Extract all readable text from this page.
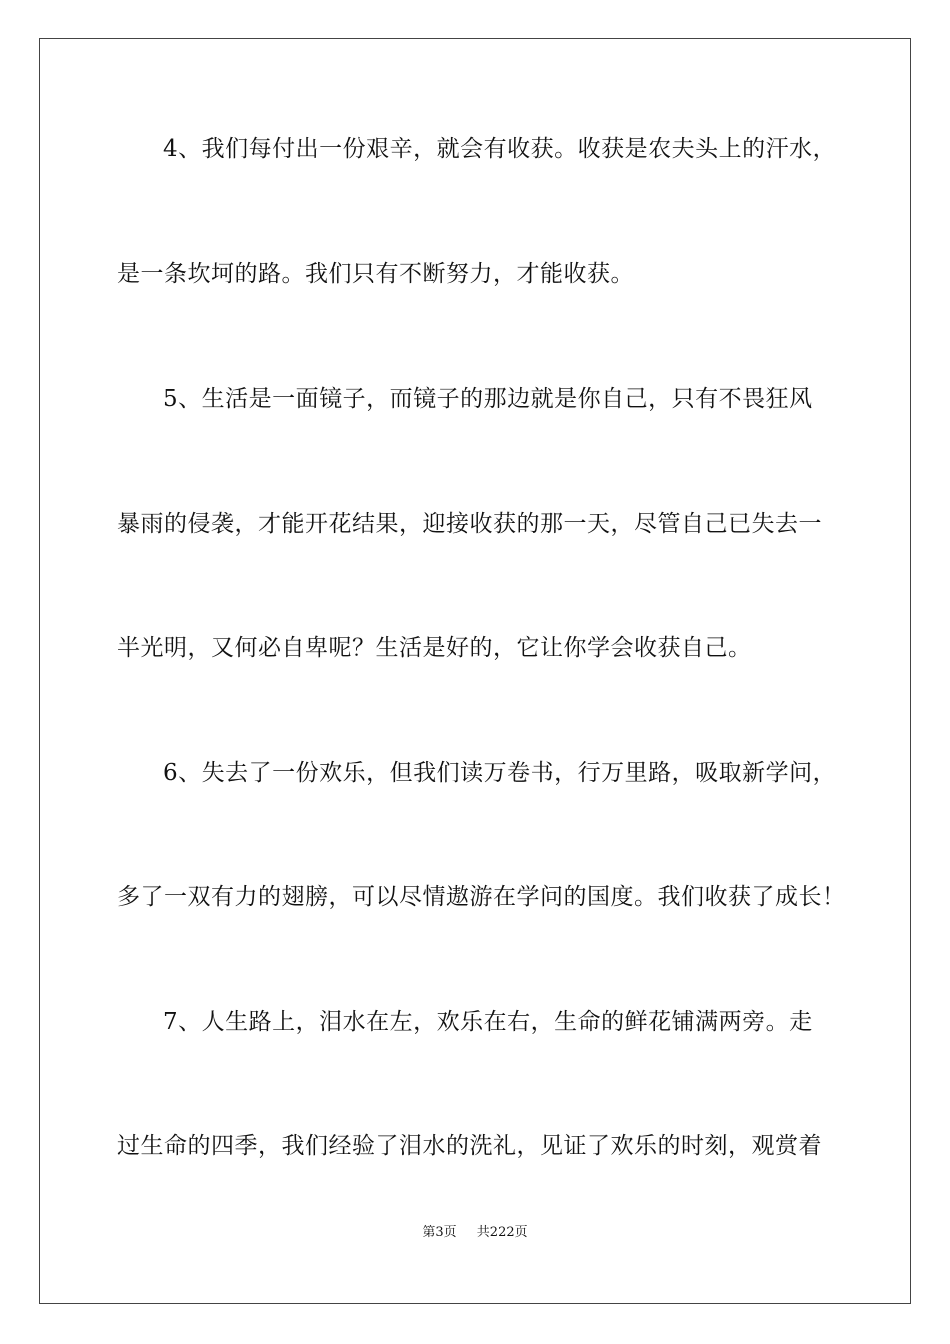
4、我们每付出一份艰辛，就会有收获。收获是农夫头上的汗水，
是一条坎坷的路。我们只有不断努力，才能收获。
5、生活是一面镜子，而镜子的那边就是你自己，只有不畏狂风
暴雨的侵袭，才能开花结果，迎接收获的那一天，尽管自己已失去一
半光明，又何必自卑呢？生活是好的，它让你学会收获自己。
6、失去了一份欢乐，但我们读万卷书，行万里路，吸取新学问，
多了一双有力的翅膀，可以尽情遨游在学问的国度。我们收获了成长！
7、人生路上，泪水在左，欢乐在右，生命的鲜花铺满两旁。走
过生命的四季，我们经验了泪水的洗礼，见证了欢乐的时刻，观赏着
第3页 共222页
